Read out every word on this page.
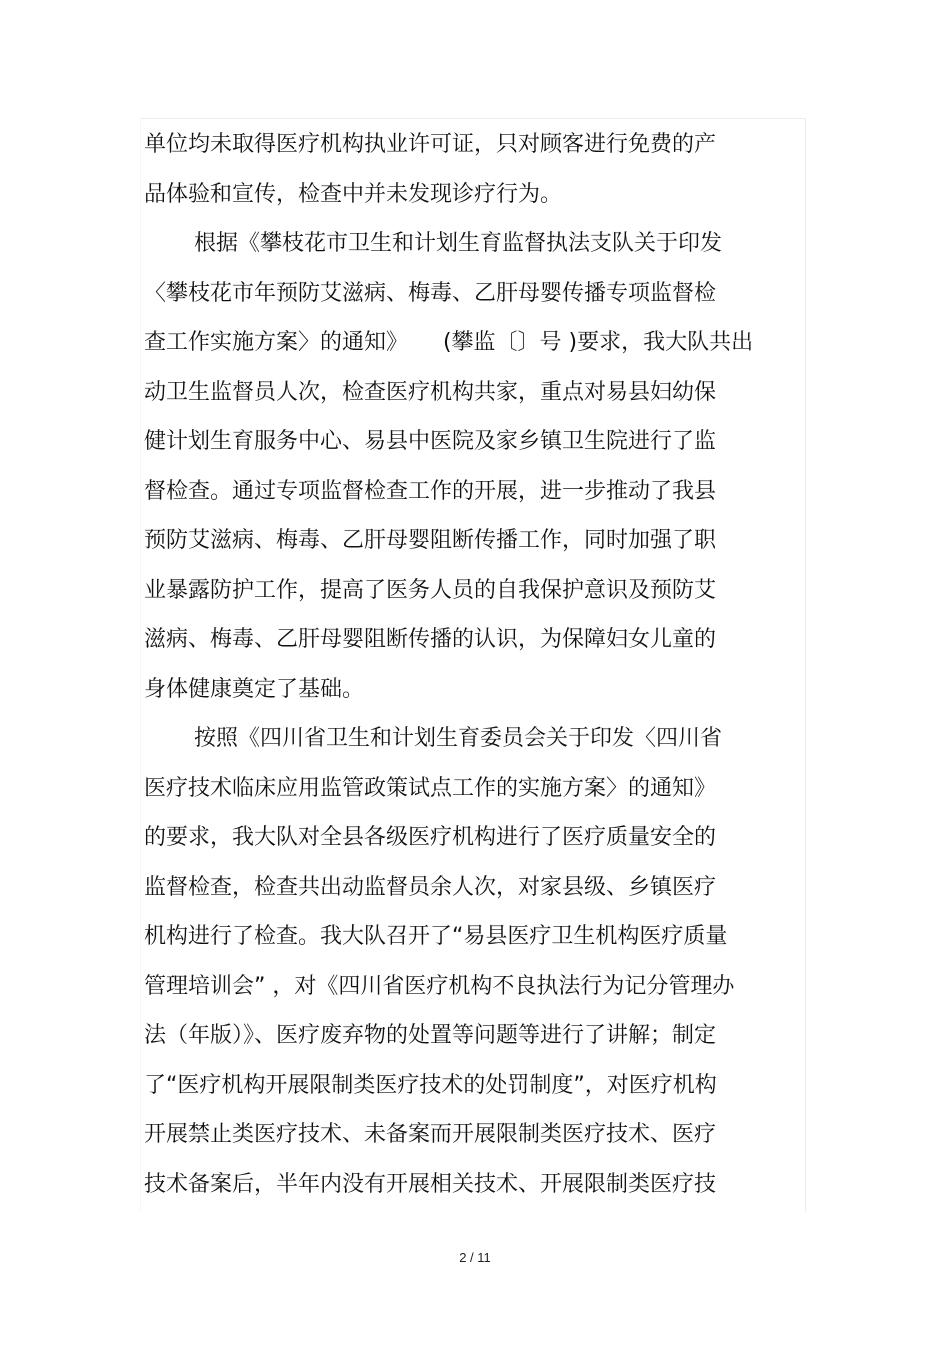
单位均未取得医疗机构执业许可证，只对顾客进行免费的产
品体验和宣传，检查中并未发现诊疗行为。
根据《攀枝花市卫生和计划生育监督执法支队关于印发
〈攀枝花市年预防艾滋病、梅毒、乙肝母婴传播专项监督检
查工作实施方案〉的通知》     (攀监〔〕号 )要求，我大队共出
动卫生监督员人次，检查医疗机构共家，重点对易县妇幼保
健计划生育服务中心、易县中医院及家乡镇卫生院进行了监
督检查。通过专项监督检查工作的开展，进一步推动了我县
预防艾滋病、梅毒、乙肝母婴阻断传播工作，同时加强了职
业暴露防护工作，提高了医务人员的自我保护意识及预防艾
滋病、梅毒、乙肝母婴阻断传播的认识，为保障妇女儿童的
身体健康奠定了基础。
按照《四川省卫生和计划生育委员会关于印发〈四川省
医疗技术临床应用监管政策试点工作的实施方案〉的通知》
的要求，我大队对全县各级医疗机构进行了医疗质量安全的
监督检查，检查共出动监督员余人次，对家县级、乡镇医疗
机构进行了检查。我大队召开了“易县医疗卫生机构医疗质量
管理培训会” ，对《四川省医疗机构不良执法行为记分管理办
法（年版）》、医疗废弃物的处置等问题等进行了讲解；制定
了“医疗机构开展限制类医疗技术的处罚制度”，对医疗机构
开展禁止类医疗技术、未备案而开展限制类医疗技术、医疗
技术备案后，半年内没有开展相关技术、开展限制类医疗技
2 / 11
